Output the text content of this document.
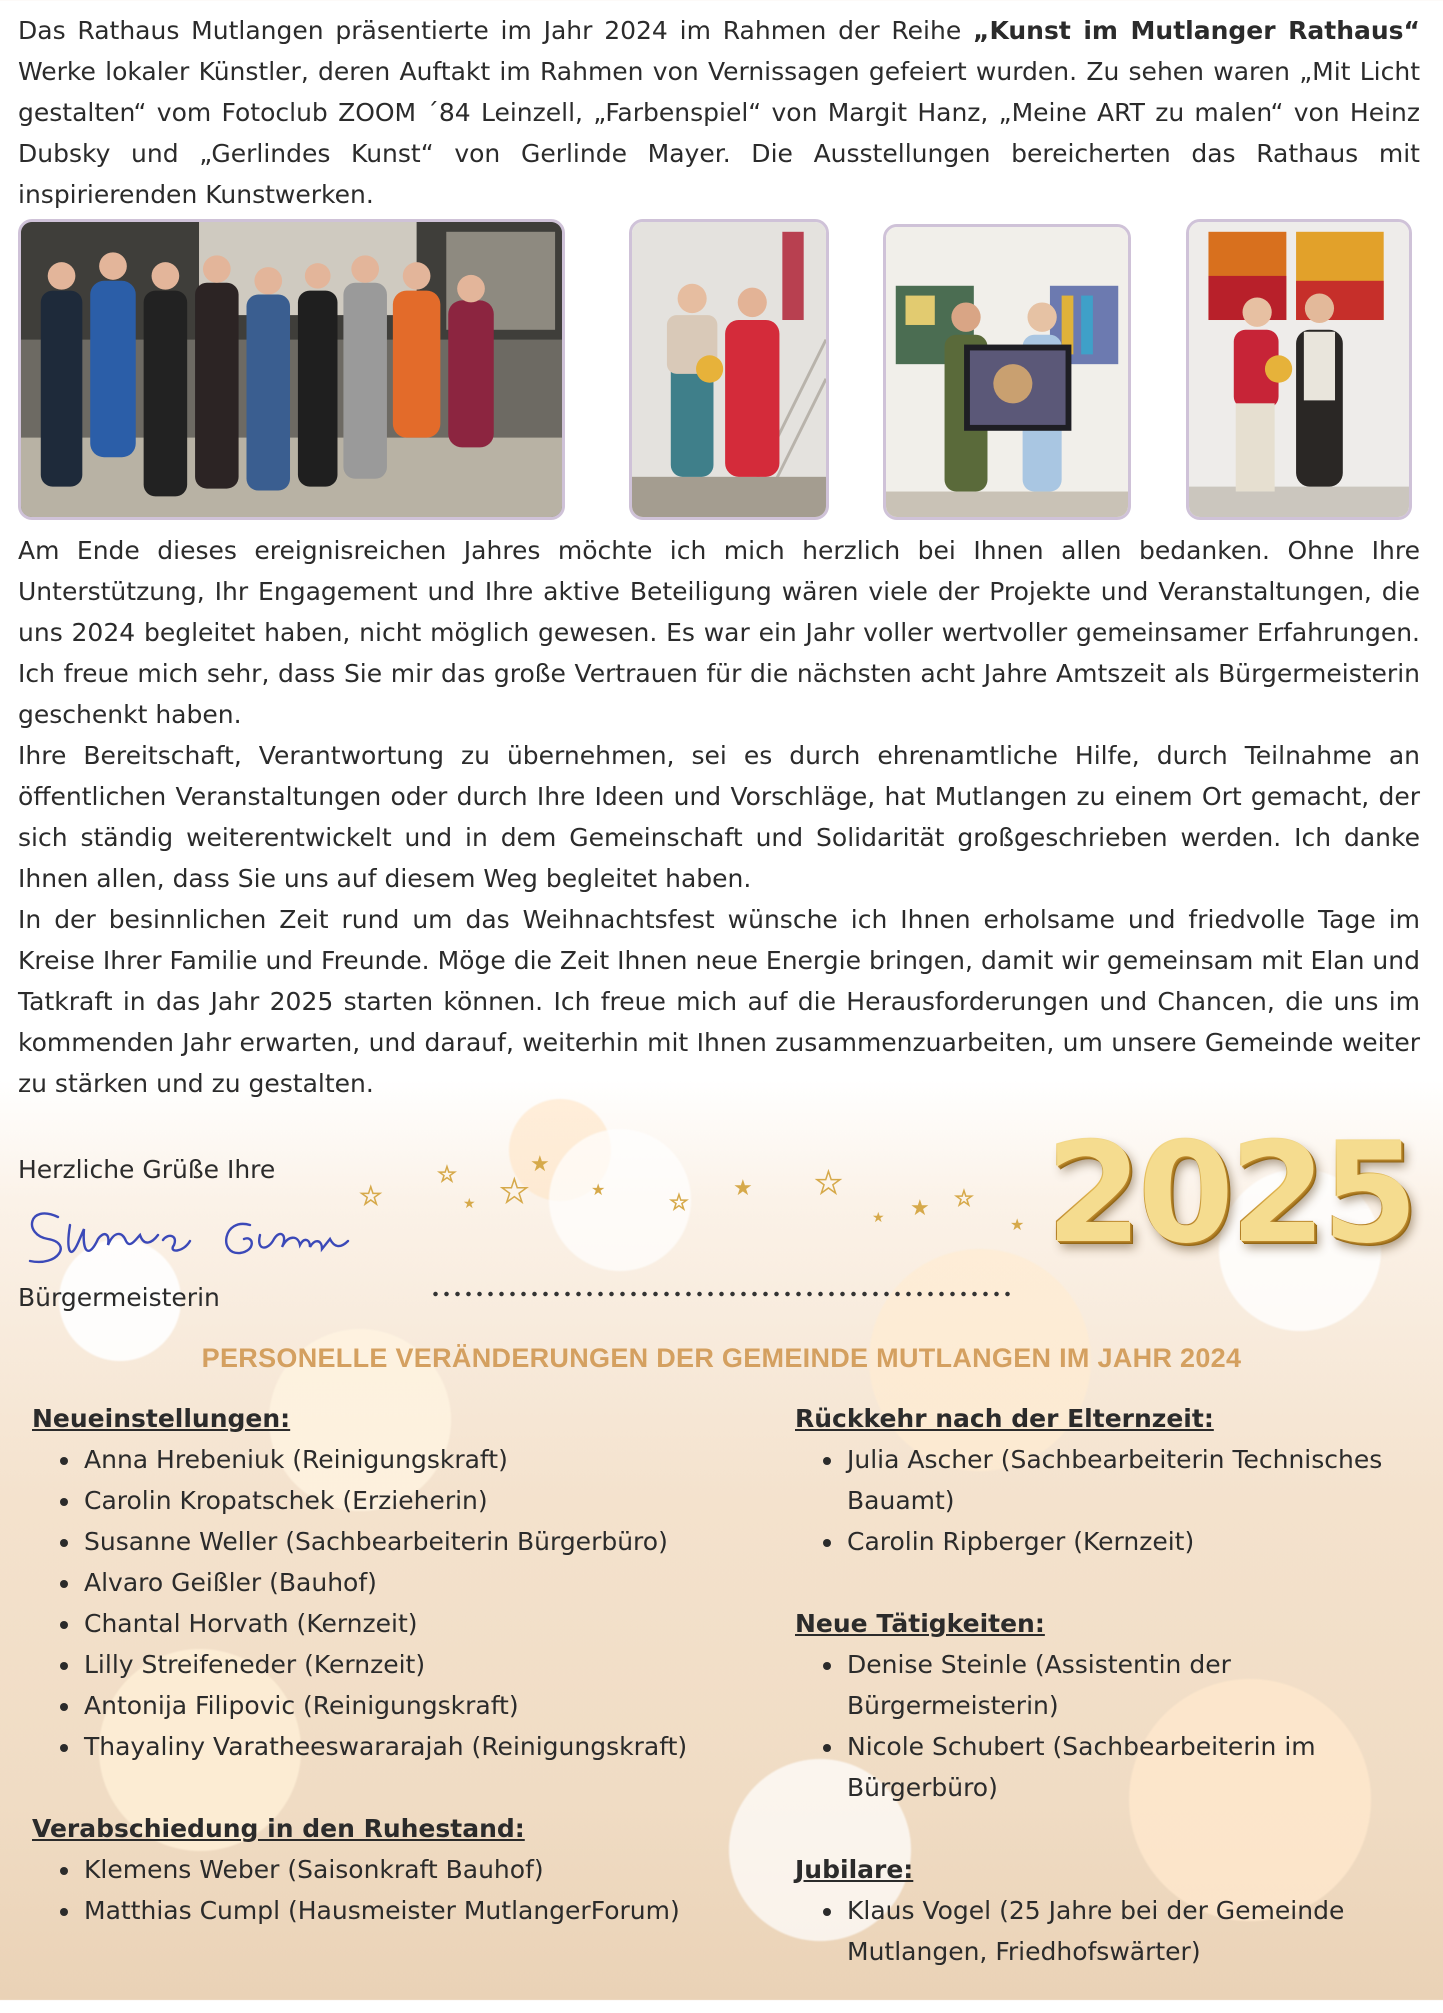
Das Rathaus Mutlangen präsentierte im Jahr 2024 im Rahmen der Reihe „Kunst im Mutlanger Rathaus“ Werke lokaler Künstler, deren Auftakt im Rahmen von Vernissagen gefeiert wurden. Zu sehen waren „Mit Licht gestalten“ vom Fotoclub ZOOM ´84 Leinzell, „Farbenspiel“ von Margit Hanz, „Meine ART zu malen“ von Heinz Dubsky und „Gerlindes Kunst“ von Gerlinde Mayer. Die Ausstellungen bereicherten das Rathaus mit inspirierenden Kunstwerken.

Am Ende dieses ereignisreichen Jahres möchte ich mich herzlich bei Ihnen allen bedanken. Ohne Ihre Unterstützung, Ihr Engagement und Ihre aktive Beteiligung wären viele der Projekte und Veranstaltungen, die uns 2024 begleitet haben, nicht möglich gewesen. Es war ein Jahr voller wertvoller gemeinsamer Erfahrungen. Ich freue mich sehr, dass Sie mir das große Vertrauen für die nächsten acht Jahre Amtszeit als Bürgermeisterin geschenkt haben.
Ihre Bereitschaft, Verantwortung zu übernehmen, sei es durch ehrenamtliche Hilfe, durch Teilnahme an öffentlichen Veranstaltungen oder durch Ihre Ideen und Vorschläge, hat Mutlangen zu einem Ort gemacht, der sich ständig weiterentwickelt und in dem Gemeinschaft und Solidarität großgeschrieben werden. Ich danke Ihnen allen, dass Sie uns auf diesem Weg begleitet haben.
In der besinnlichen Zeit rund um das Weihnachtsfest wünsche ich Ihnen erholsame und friedvolle Tage im Kreise Ihrer Familie und Freunde. Möge die Zeit Ihnen neue Energie bringen, damit wir gemeinsam mit Elan und Tatkraft in das Jahr 2025 starten können. Ich freue mich auf die Herausforderungen und Chancen, die uns im kommenden Jahr erwarten, und darauf, weiterhin mit Ihnen zusammenzuarbeiten, um unsere Gemeinde weiter zu stärken und zu gestalten.
Herzliche Grüße Ihre
Bürgermeisterin
★
★
★ ★
★
★
★
★ ★
★ ★ ★
★ 2025
PERSONELLE VERÄNDERUNGEN DER GEMEINDE MUTLANGEN IM JAHR 2024
Neueinstellungen:
• Anna Hrebeniuk (Reinigungskraft)
• Carolin Kropatschek (Erzieherin)
• Susanne Weller (Sachbearbeiterin Bürgerbüro)
• Alvaro Geißler (Bauhof)
• Chantal Horvath (Kernzeit)
• Lilly Streifeneder (Kernzeit)
• Antonija Filipovic (Reinigungskraft)
• Thayaliny Varatheeswararajah (Reinigungskraft)
Verabschiedung in den Ruhestand:
• Klemens Weber (Saisonkraft Bauhof)
• Matthias Cumpl (Hausmeister MutlangerForum)
Rückkehr nach der Elternzeit:
• Julia Ascher (Sachbearbeiterin Technisches Bauamt)
• Carolin Ripberger (Kernzeit)
Neue Tätigkeiten:
• Denise Steinle (Assistentin der Bürgermeisterin)
• Nicole Schubert (Sachbearbeiterin im Bürgerbüro)
Jubilare:
• Klaus Vogel (25 Jahre bei der Gemeinde Mutlangen, Friedhofswärter)
